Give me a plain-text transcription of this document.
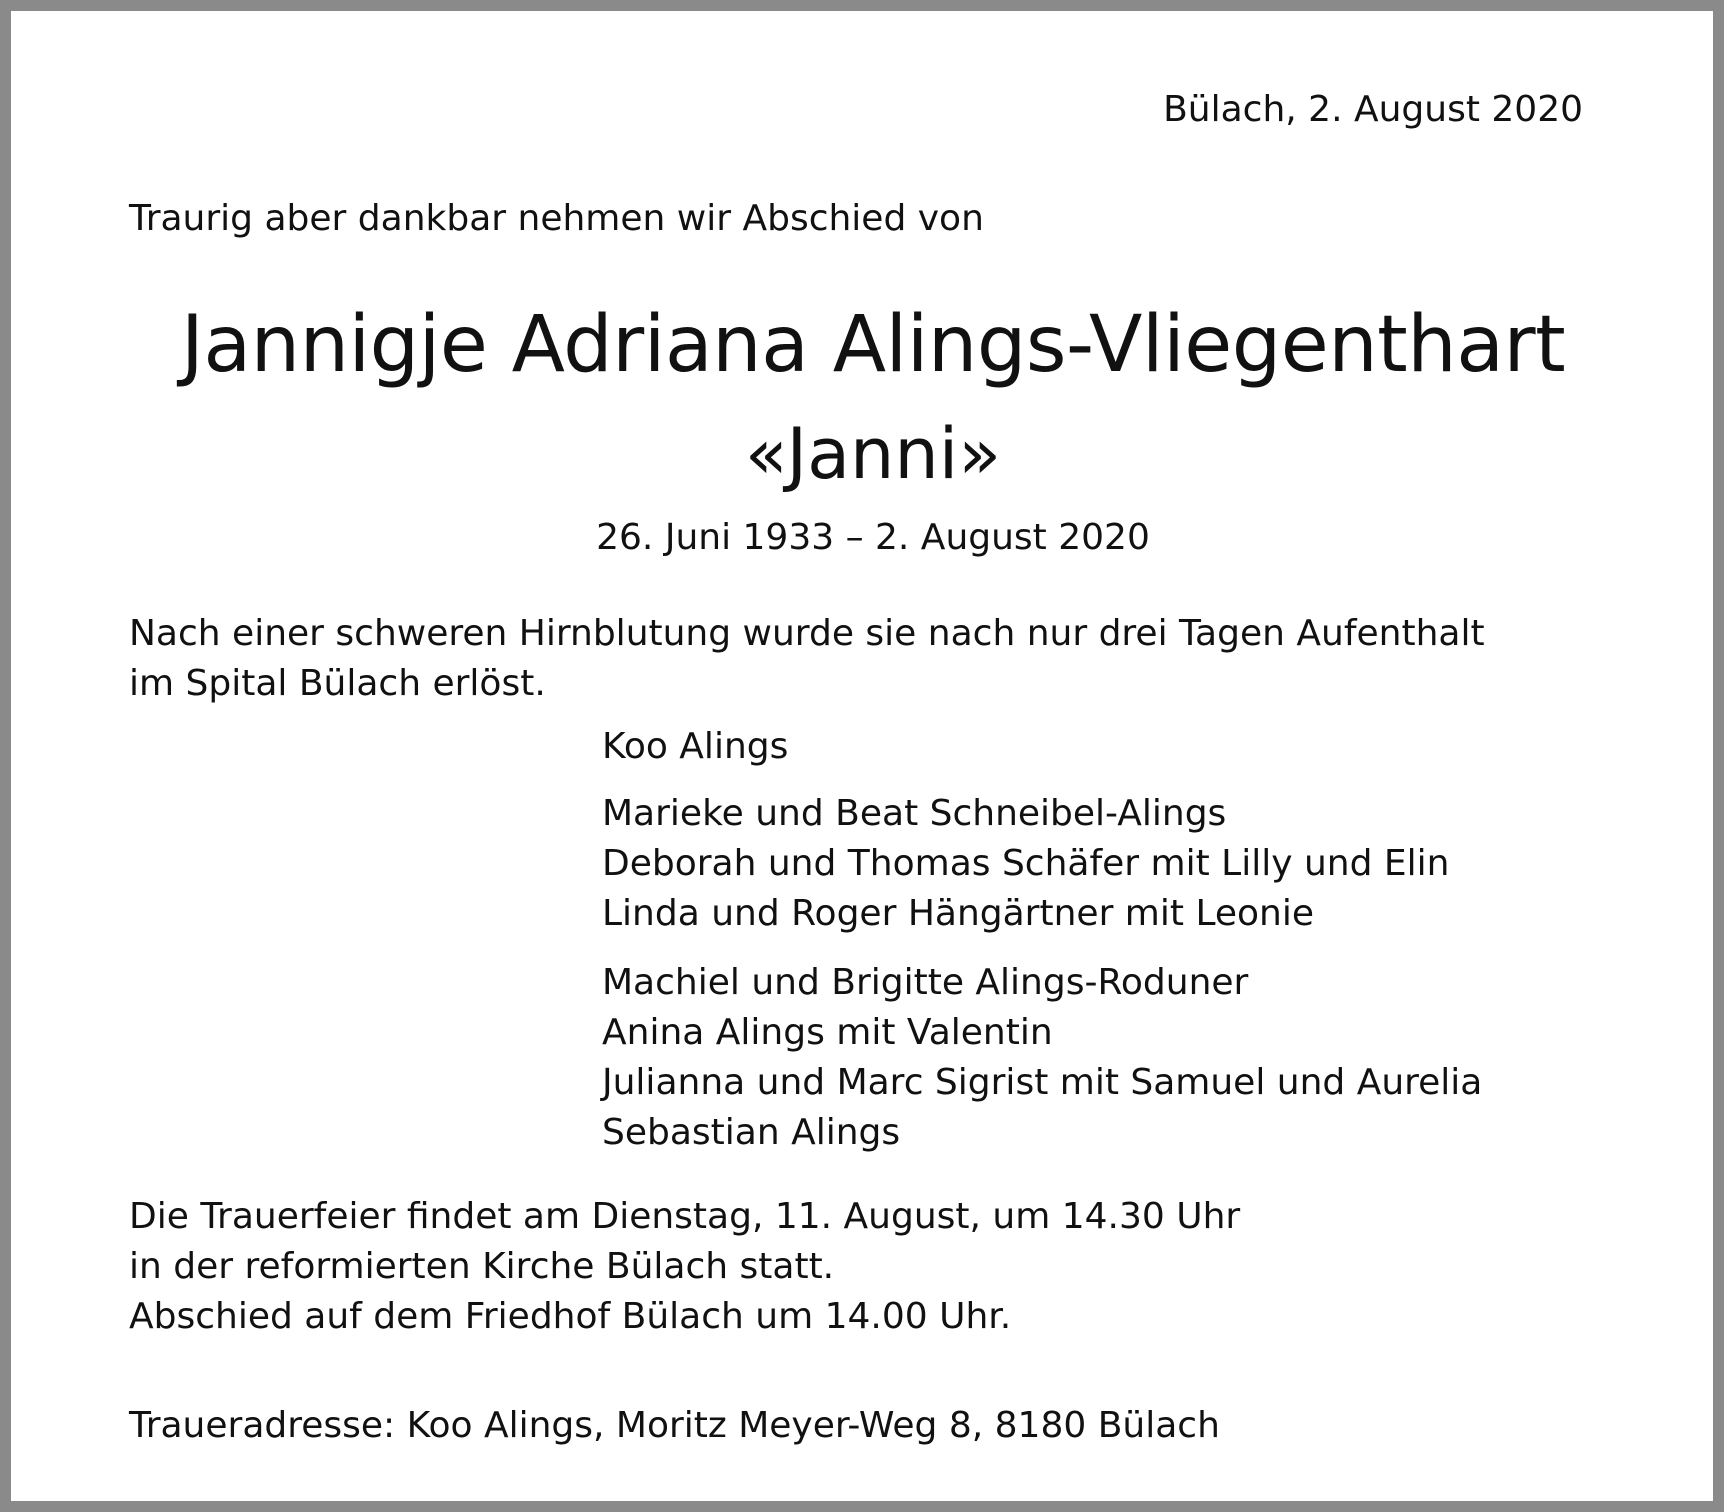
Bülach, 2. August 2020

Traurig aber dankbar nehmen wir Abschied von

Jannigje Adriana Alings-Vliegenthart

«Janni»

26. Juni 1933 – 2. August 2020

Nach einer schweren Hirnblutung wurde sie nach nur drei Tagen Aufenthalt
im Spital Bülach erlöst.
Koo Alings
Marieke und Beat Schneibel-Alings
Deborah und Thomas Schäfer mit Lilly und Elin
Linda und Roger Hängärtner mit Leonie
Machiel und Brigitte Alings-Roduner
Anina Alings mit Valentin
Julianna und Marc Sigrist mit Samuel und Aurelia
Sebastian Alings
Die Trauerfeier findet am Dienstag, 11. August, um 14.30 Uhr
in der reformierten Kirche Bülach statt.
Abschied auf dem Friedhof Bülach um 14.00 Uhr.

Traueradresse: Koo Alings, Moritz Meyer-Weg 8, 8180 Bülach
